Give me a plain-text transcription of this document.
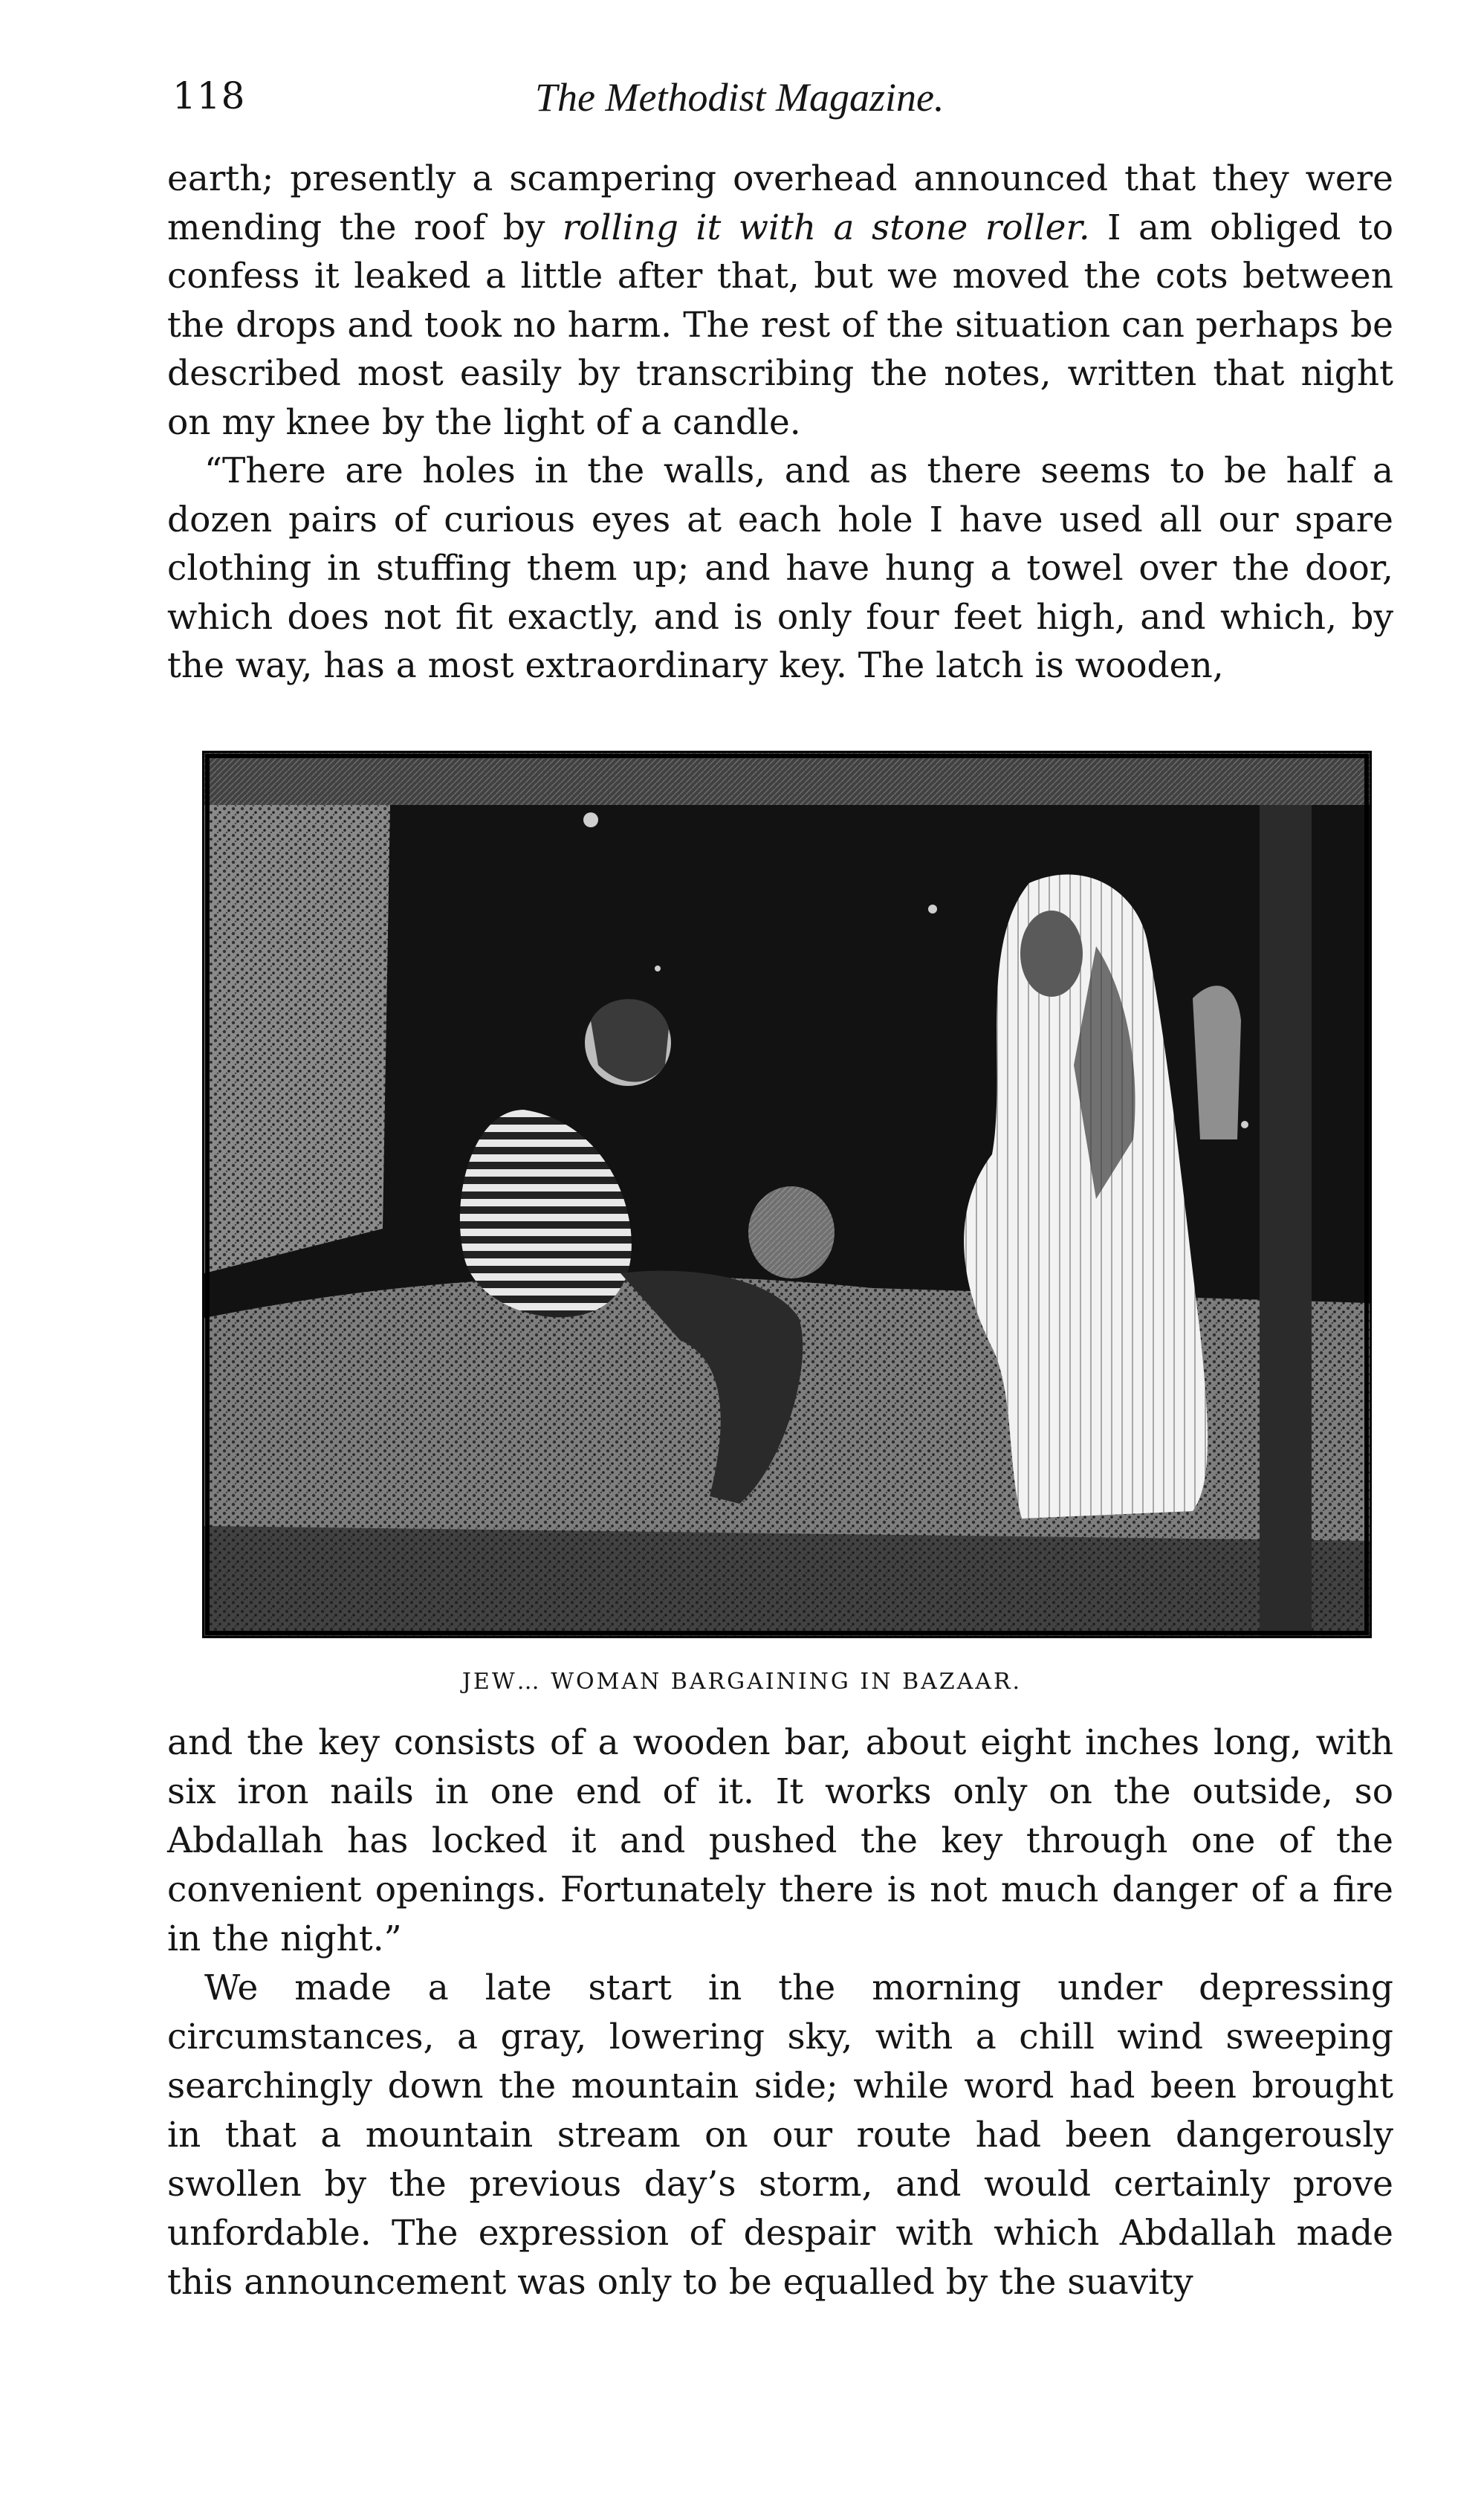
118	The Methodist Magazine.

earth; presently a scampering overhead announced that they were mending the roof by rolling it with a stone roller. I am obliged to confess it leaked a little after that, but we moved the cots between the drops and took no harm. The rest of the situation can perhaps be described most easily by transcribing the notes, written that night on my knee by the light of a candle.

“There are holes in the walls, and as there seems to be half a dozen pairs of curious eyes at each hole I have used all our spare clothing in stuffing them up; and have hung a towel over the door, which does not fit exactly, and is only four feet high, and which, by the way, has a most extraordinary key. The latch is wooden,

JEW… WOMAN BARGAINING IN BAZAAR.

and the key consists of a wooden bar, about eight inches long, with six iron nails in one end of it. It works only on the outside, so Abdallah has locked it and pushed the key through one of the convenient openings. Fortunately there is not much danger of a fire in the night.”

We made a late start in the morning under depressing circumstances, a gray, lowering sky, with a chill wind sweeping searchingly down the mountain side; while word had been brought in that a mountain stream on our route had been dangerously swollen by the previous day’s storm, and would certainly prove unfordable. The expression of despair with which Abdallah made this announcement was only to be equalled by the suavity
